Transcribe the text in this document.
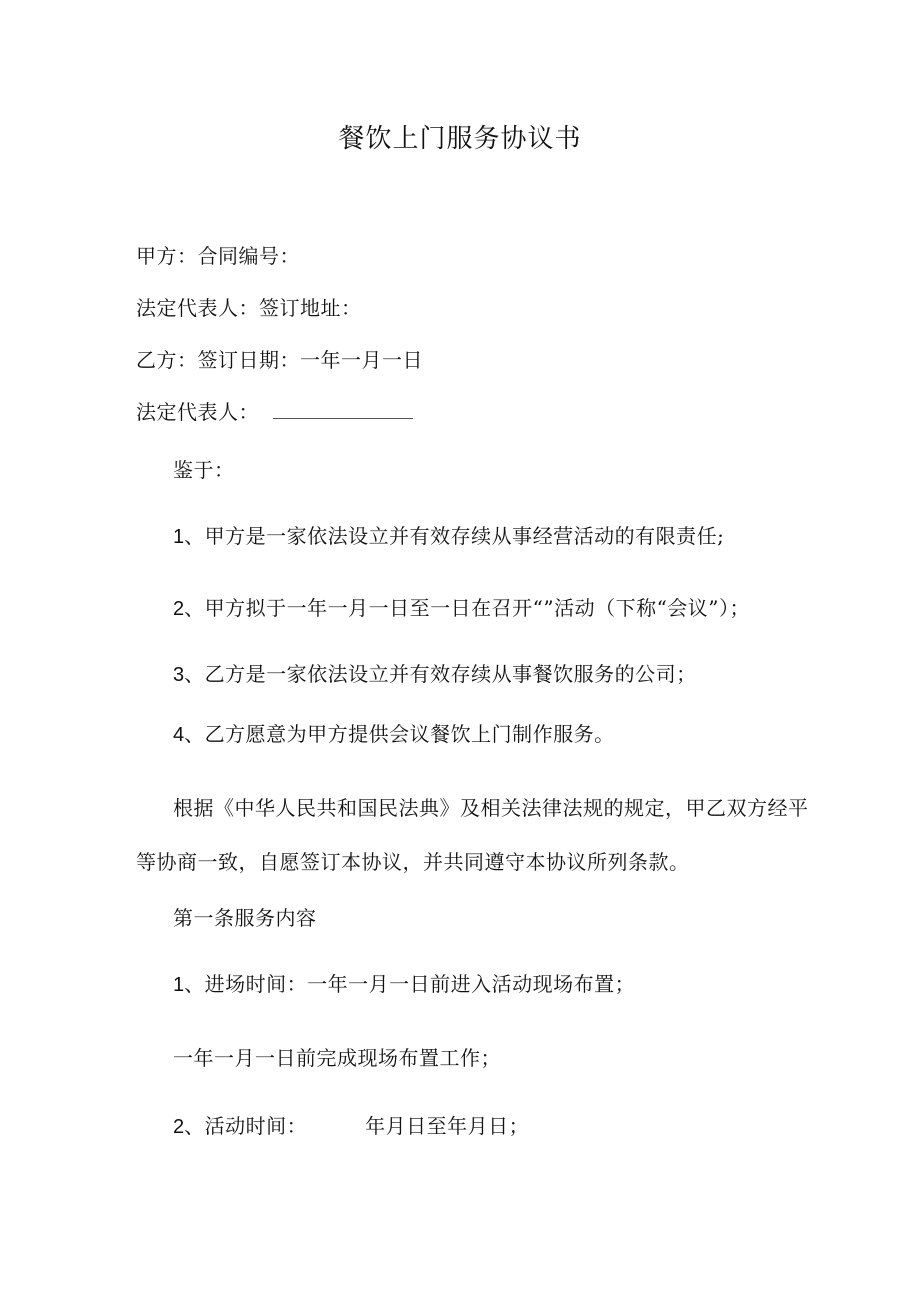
餐饮上门服务协议书
甲方：合同编号：
法定代表人：签订地址：
乙方：签订日期：一年一月一日
法定代表人：
鉴于：
1、甲方是一家依法设立并有效存续从事经营活动的有限责任;
2、甲方拟于一年一月一日至一日在召开“”活动（下称“会议”）；
3、乙方是一家依法设立并有效存续从事餐饮服务的公司；
4、乙方愿意为甲方提供会议餐饮上门制作服务。
根据《中华人民共和国民法典》及相关法律法规的规定，甲乙双方经平
等协商一致，自愿签订本协议，并共同遵守本协议所列条款。
第一条服务内容
1、进场时间：一年一月一日前进入活动现场布置；
一年一月一日前完成现场布置工作；
2、活动时间：	年月日至年月日；
